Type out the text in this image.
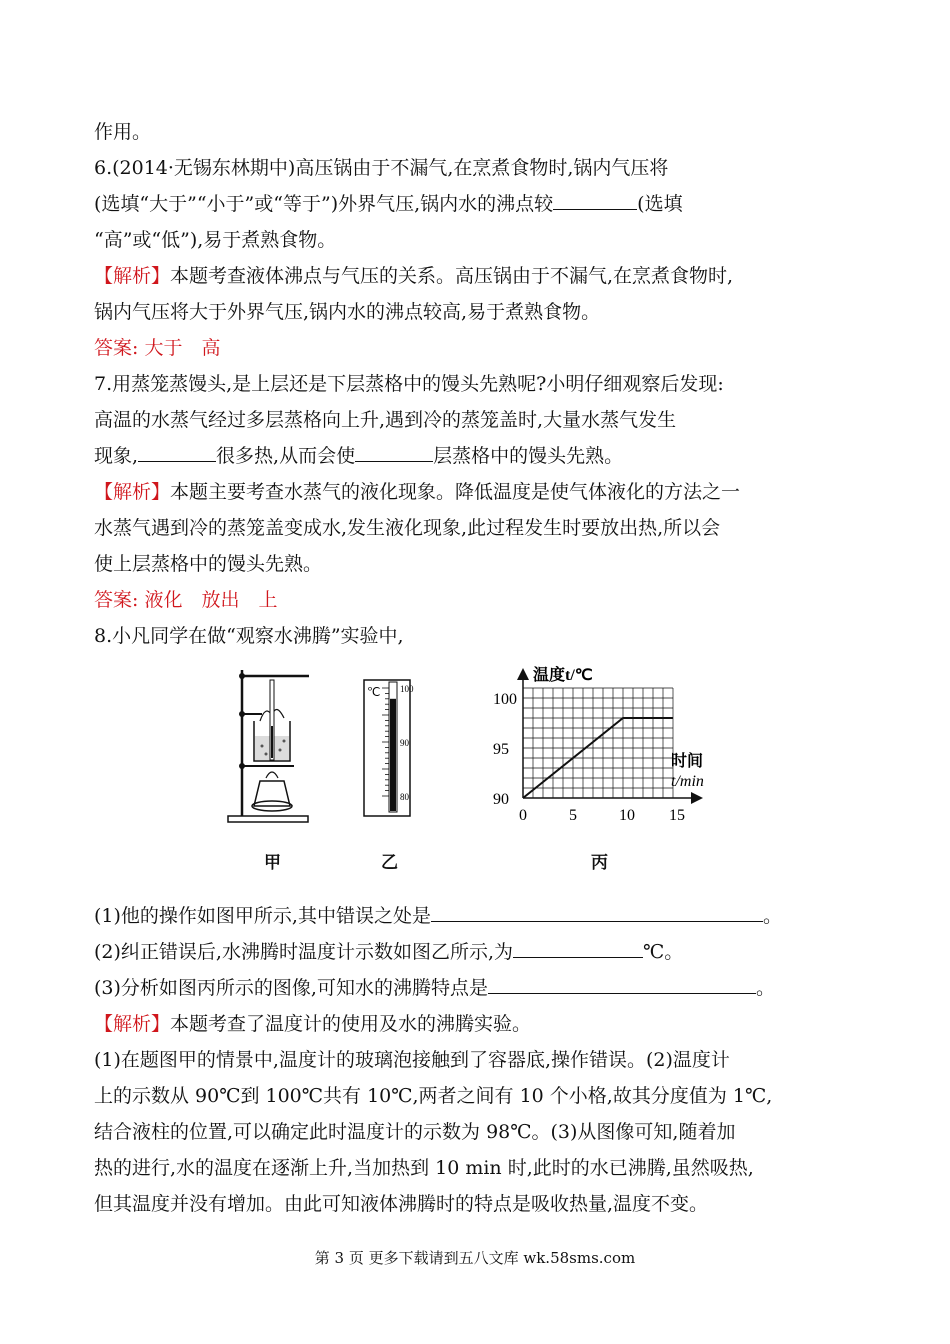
作用。
6.(2014·无锡东林期中)高压锅由于不漏气,在烹煮食物时,锅内气压将
(选填“大于”“小于”或“等于”)外界气压,锅内水的沸点较	(选填
“高”或“低”),易于煮熟食物。
【解析】本题考查液体沸点与气压的关系。高压锅由于不漏气,在烹煮食物时,
锅内气压将大于外界气压,锅内水的沸点较高,易于煮熟食物。
答案: 大于　高
7.用蒸笼蒸馒头,是上层还是下层蒸格中的馒头先熟呢?小明仔细观察后发现:
高温的水蒸气经过多层蒸格向上升,遇到冷的蒸笼盖时,大量水蒸气发生
现象,	很多热,从而会使	层蒸格中的馒头先熟。
【解析】本题主要考查水蒸气的液化现象。降低温度是使气体液化的方法之一
水蒸气遇到冷的蒸笼盖变成水,发生液化现象,此过程发生时要放出热,所以会
使上层蒸格中的馒头先熟。
答案: 液化　放出　上
8.小凡同学在做“观察水沸腾”实验中,
甲
℃ 100
90
80
乙
温度t/℃
时间
t/min
0	5	10 15
90
95
100
丙
(1)他的操作如图甲所示,其中错误之处是	。
(2)纠正错误后,水沸腾时温度计示数如图乙所示,为	℃。
(3)分析如图丙所示的图像,可知水的沸腾特点是	。
【解析】本题考查了温度计的使用及水的沸腾实验。
(1)在题图甲的情景中,温度计的玻璃泡接触到了容器底,操作错误。(2)温度计
上的示数从 90℃到 100℃共有 10℃,两者之间有 10 个小格,故其分度值为 1℃,
结合液柱的位置,可以确定此时温度计的示数为 98℃。(3)从图像可知,随着加
热的进行,水的温度在逐渐上升,当加热到 10 min 时,此时的水已沸腾,虽然吸热,
但其温度并没有增加。由此可知液体沸腾时的特点是吸收热量,温度不变。
第 3 页 更多下载请到五八文库 wk.58sms.com
